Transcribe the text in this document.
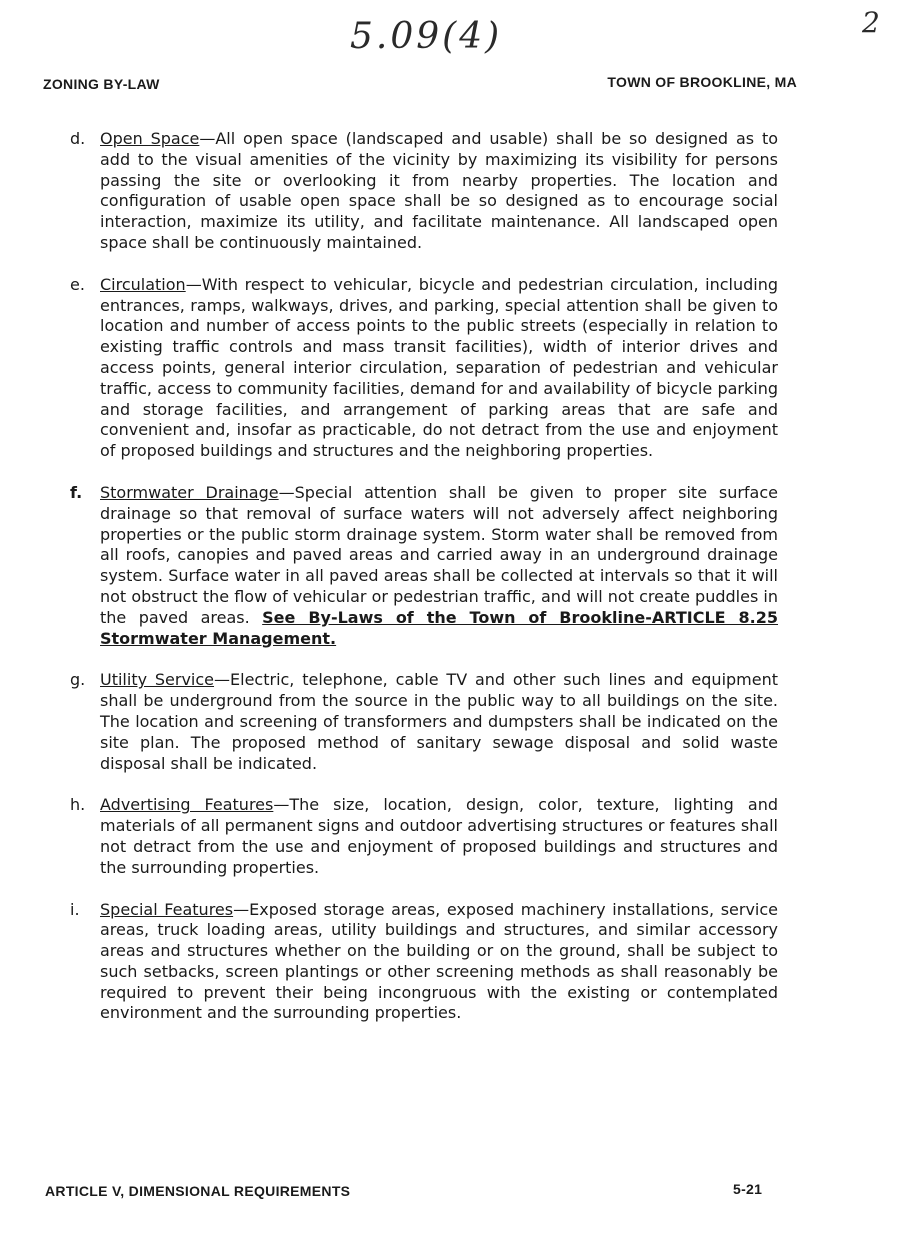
5.09(4)	2
ZONING BY-LAW	TOWN OF BROOKLINE, MA
d. Open Space—All open space (landscaped and usable) shall be so designed as to add to the visual amenities of the vicinity by maximizing its visibility for persons passing the site or overlooking it from nearby properties. The location and configuration of usable open space shall be so designed as to encourage social interaction, maximize its utility, and facilitate maintenance. All landscaped open space shall be continuously maintained.
e. Circulation—With respect to vehicular, bicycle and pedestrian circulation, including entrances, ramps, walkways, drives, and parking, special attention shall be given to location and number of access points to the public streets (especially in relation to existing traffic controls and mass transit facilities), width of interior drives and access points, general interior circulation, separation of pedestrian and vehicular traffic, access to community facilities, demand for and availability of bicycle parking and storage facilities, and arrangement of parking areas that are safe and convenient and, insofar as practicable, do not detract from the use and enjoyment of proposed buildings and structures and the neighboring properties.
f.	Stormwater Drainage—Special attention shall be given to proper site surface drainage so that removal of surface waters will not adversely affect neighboring properties or the public storm drainage system. Storm water shall be removed from all roofs, canopies and paved areas and carried away in an underground drainage system. Surface water in all paved areas shall be collected at intervals so that it will not obstruct the flow of vehicular or pedestrian traffic, and will not create puddles in the paved areas. See By-Laws of the Town of Brookline-ARTICLE 8.25 Stormwater Management.
g. Utility Service—Electric, telephone, cable TV and other such lines and equipment shall be underground from the source in the public way to all buildings on the site. The location and screening of transformers and dumpsters shall be indicated on the site plan. The proposed method of sanitary sewage disposal and solid waste disposal shall be indicated.
h. Advertising Features—The size, location, design, color, texture, lighting and materials of all permanent signs and outdoor advertising structures or features shall not detract from the use and enjoyment of proposed buildings and structures and the surrounding properties.
i.	Special Features—Exposed storage areas, exposed machinery installations, service areas, truck loading areas, utility buildings and structures, and similar accessory areas and structures whether on the building or on the ground, shall be subject to such setbacks, screen plantings or other screening methods as shall reasonably be required to prevent their being incongruous with the existing or contemplated environment and the surrounding properties.
ARTICLE V, DIMENSIONAL REQUIREMENTS	5-21
